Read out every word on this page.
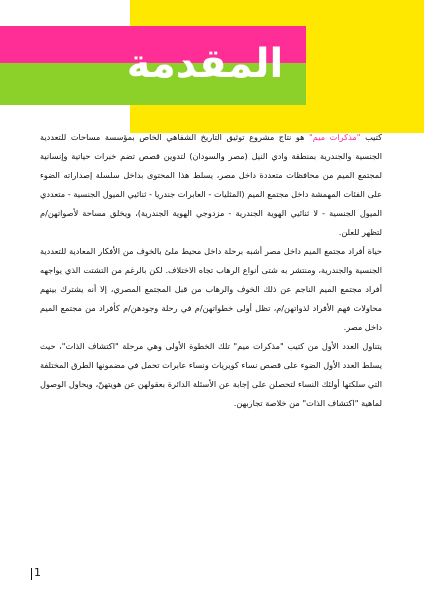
المقدمة

كتيب "مذكرات ميم" هو نتاج مشروع توثيق التاريخ الشفاهي الخاص بمؤسسة مساحات للتعددية الجنسية والجندرية بمنطقة وادي النيل (مصر والسودان) لتدوين قصص تضم خبرات حياتية وإنسانية لمجتمع الميم من محافظات متعددة داخل مصر، يسلط هذا المحتوى بداخل سلسلة إصداراته الضوء على الفئات المهمشة داخل مجتمع الميم (المثليات - العابرات جندريا - ثنائيي الميول الجنسية - متعددي الميول الجنسية - لا ثنائيي الهوية الجندرية - مزدوجي الهوية الجندرية)، ويخلق مساحة لأصواتهن/م لتظهر للعلن.

حياة أفراد مجتمع الميم داخل مصر أشبه برحلة داخل محيط ملئ بالخوف من الأفكار المعادية للتعددية الجنسية والجندرية، ومنتشر به شتى أنواع الرهاب تجاه الاختلاف. لكن بالرغم من التشتت الذي يواجهه أفراد مجتمع الميم الناجم عن ذلك الخوف والرهاب من قبل المجتمع المصري، إلا أنه يشترك بينهم محاولات فهم الأفراد لذواتهن/م، تظل أولى خطواتهن/م في رحلة وجودهن/م كأفراد من مجتمع الميم داخل مصر.

يتناول العدد الأول من كتيب "مذكرات ميم" تلك الخطوة الأولى وهي مرحلة "اكتشاف الذات"، حيث يسلط العدد الأول الضوء على قصص نساء كويريات ونساء عابرات تحمل في مضمونها الطرق المختلفة التي سلكتها أولئك النساء لتحصلن على إجابة عن الأسئلة الدائرة بعقولهن عن هويتهنّ، ويحاول الوصول لماهية "اكتشاف الذات" من خلاصة تجاربهن.

1
